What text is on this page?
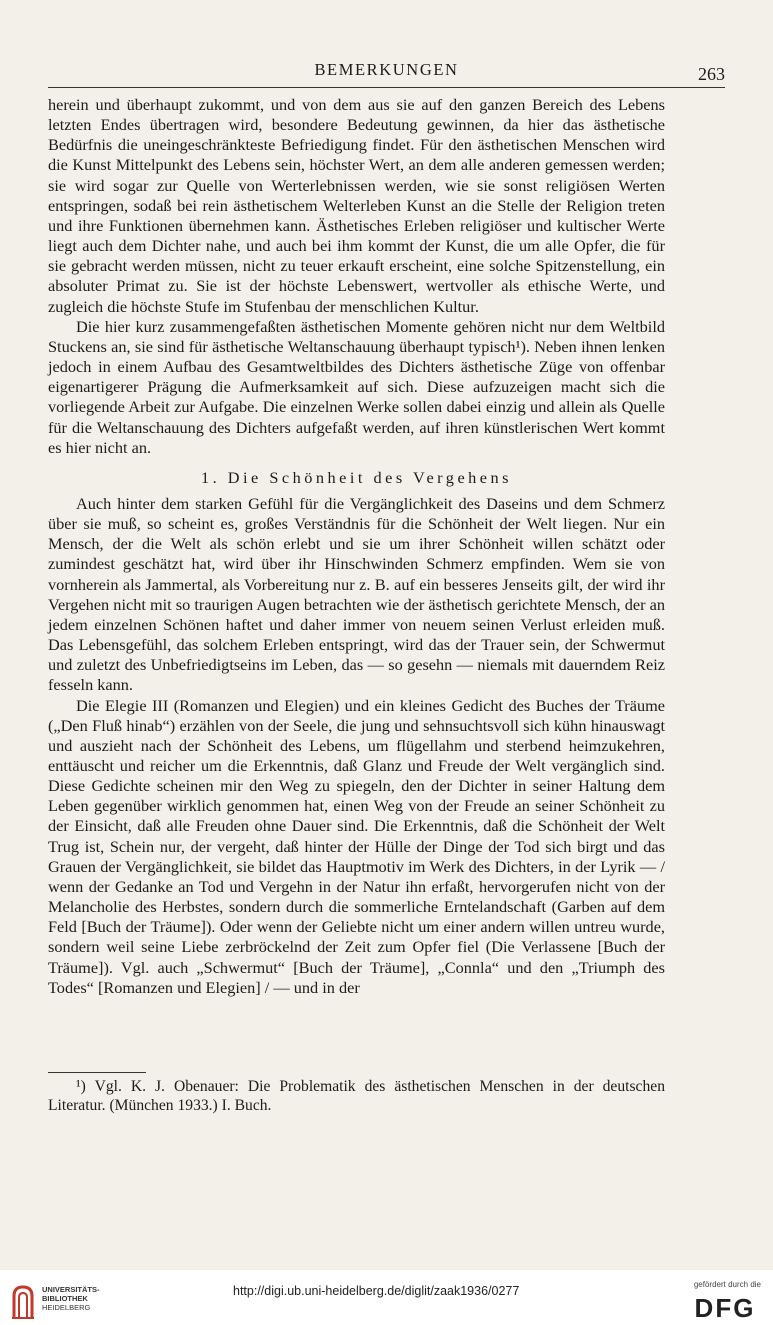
BEMERKUNGEN	263

herein und überhaupt zukommt, und von dem aus sie auf den ganzen Bereich des Lebens letzten Endes übertragen wird, besondere Bedeutung gewinnen, da hier das ästhetische Bedürfnis die uneingeschränkteste Befriedigung findet. Für den ästhetischen Menschen wird die Kunst Mittelpunkt des Lebens sein, höchster Wert, an dem alle anderen gemessen werden; sie wird sogar zur Quelle von Werterlebnissen werden, wie sie sonst religiösen Werten entspringen, sodaß bei rein ästhetischem Welterleben Kunst an die Stelle der Religion treten und ihre Funktionen übernehmen kann. Ästhetisches Erleben religiöser und kultischer Werte liegt auch dem Dichter nahe, und auch bei ihm kommt der Kunst, die um alle Opfer, die für sie gebracht werden müssen, nicht zu teuer erkauft erscheint, eine solche Spitzenstellung, ein absoluter Primat zu. Sie ist der höchste Lebenswert, wertvoller als ethische Werte, und zugleich die höchste Stufe im Stufenbau der menschlichen Kultur.

Die hier kurz zusammengefaßten ästhetischen Momente gehören nicht nur dem Weltbild Stuckens an, sie sind für ästhetische Weltanschauung überhaupt typisch¹). Neben ihnen lenken jedoch in einem Aufbau des Gesamtweltbildes des Dichters ästhetische Züge von offenbar eigenartigerer Prägung die Aufmerksamkeit auf sich. Diese aufzuzeigen macht sich die vorliegende Arbeit zur Aufgabe. Die einzelnen Werke sollen dabei einzig und allein als Quelle für die Weltanschauung des Dichters aufgefaßt werden, auf ihren künstlerischen Wert kommt es hier nicht an.

1. Die Schönheit des Vergehens

Auch hinter dem starken Gefühl für die Vergänglichkeit des Daseins und dem Schmerz über sie muß, so scheint es, großes Verständnis für die Schönheit der Welt liegen. Nur ein Mensch, der die Welt als schön erlebt und sie um ihrer Schönheit willen schätzt oder zumindest geschätzt hat, wird über ihr Hinschwinden Schmerz empfinden. Wem sie von vornherein als Jammertal, als Vorbereitung nur z. B. auf ein besseres Jenseits gilt, der wird ihr Vergehen nicht mit so traurigen Augen betrachten wie der ästhetisch gerichtete Mensch, der an jedem einzelnen Schönen haftet und daher immer von neuem seinen Verlust erleiden muß. Das Lebensgefühl, das solchem Erleben entspringt, wird das der Trauer sein, der Schwermut und zuletzt des Unbefriedigtseins im Leben, das — so gesehn — niemals mit dauerndem Reiz fesseln kann.

Die Elegie III (Romanzen und Elegien) und ein kleines Gedicht des Buches der Träume („Den Fluß hinab“) erzählen von der Seele, die jung und sehnsuchtsvoll sich kühn hinauswagt und auszieht nach der Schönheit des Lebens, um flügellahm und sterbend heimzukehren, enttäuscht und reicher um die Erkenntnis, daß Glanz und Freude der Welt vergänglich sind. Diese Gedichte scheinen mir den Weg zu spiegeln, den der Dichter in seiner Haltung dem Leben gegenüber wirklich genommen hat, einen Weg von der Freude an seiner Schönheit zu der Einsicht, daß alle Freuden ohne Dauer sind. Die Erkenntnis, daß die Schönheit der Welt Trug ist, Schein nur, der vergeht, daß hinter der Hülle der Dinge der Tod sich birgt und das Grauen der Vergänglichkeit, sie bildet das Hauptmotiv im Werk des Dichters, in der Lyrik — / wenn der Gedanke an Tod und Vergehn in der Natur ihn erfaßt, hervorgerufen nicht von der Melancholie des Herbstes, sondern durch die sommerliche Erntelandschaft (Garben auf dem Feld [Buch der Träume]). Oder wenn der Geliebte nicht um einer andern willen untreu wurde, sondern weil seine Liebe zerbröckelnd der Zeit zum Opfer fiel (Die Verlassene [Buch der Träume]). Vgl. auch „Schwermut“ [Buch der Träume], „Connla“ und den „Triumph des Todes“ [Romanzen und Elegien] / — und in der

¹) Vgl. K. J. Obenauer: Die Problematik des ästhetischen Menschen in der deutschen Literatur. (München 1933.) I. Buch.

UNIVERSITÄTS-
BIBLIOTHEK
HEIDELBERG
http://digi.ub.uni-heidelberg.de/diglit/zaak1936/0277	gefördert durch die
DFG
